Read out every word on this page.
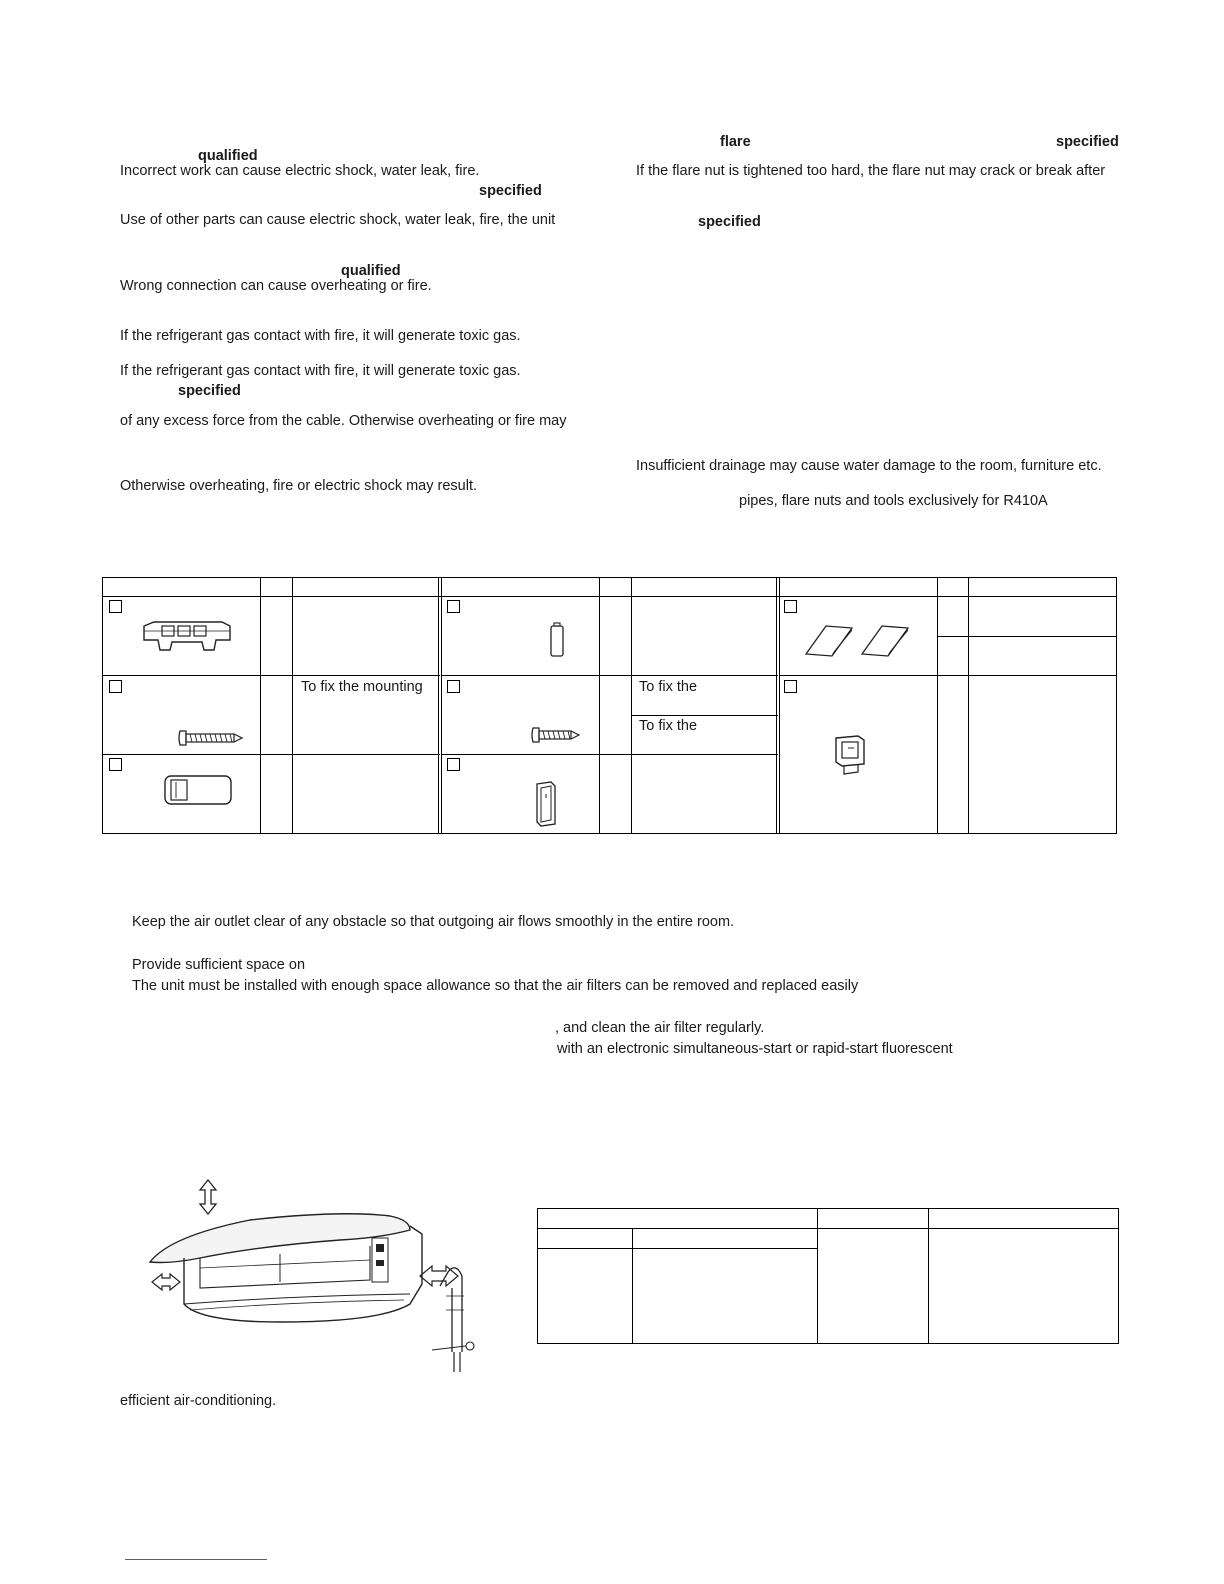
qualified
Incorrect work can cause electric shock, water leak, fire.
specified
Use of other parts can cause electric shock, water leak, fire, the unit
qualified
Wrong connection can cause overheating or fire.
If the refrigerant gas contact with fire, it will generate toxic gas.
If the refrigerant gas contact with fire, it will generate toxic gas.
specified
of any excess force from the cable. Otherwise overheating or fire may
Otherwise overheating, fire or electric shock may result.
flare	specified
If the flare nut is tightened too hard, the flare nut may crack or break after
specified
Insufficient drainage may cause water damage to the room, furniture etc.
pipes, flare nuts and tools exclusively for R410A
To fix the mounting	To fix the
To fix the
Keep the air outlet clear of any obstacle so that outgoing air flows smoothly in the entire room.
Provide sufficient space on
The unit must be installed with enough space allowance so that the air filters can be removed and replaced easily
, and clean the air filter regularly.
with an electronic simultaneous-start or rapid-start fluorescent
efficient air-conditioning.
